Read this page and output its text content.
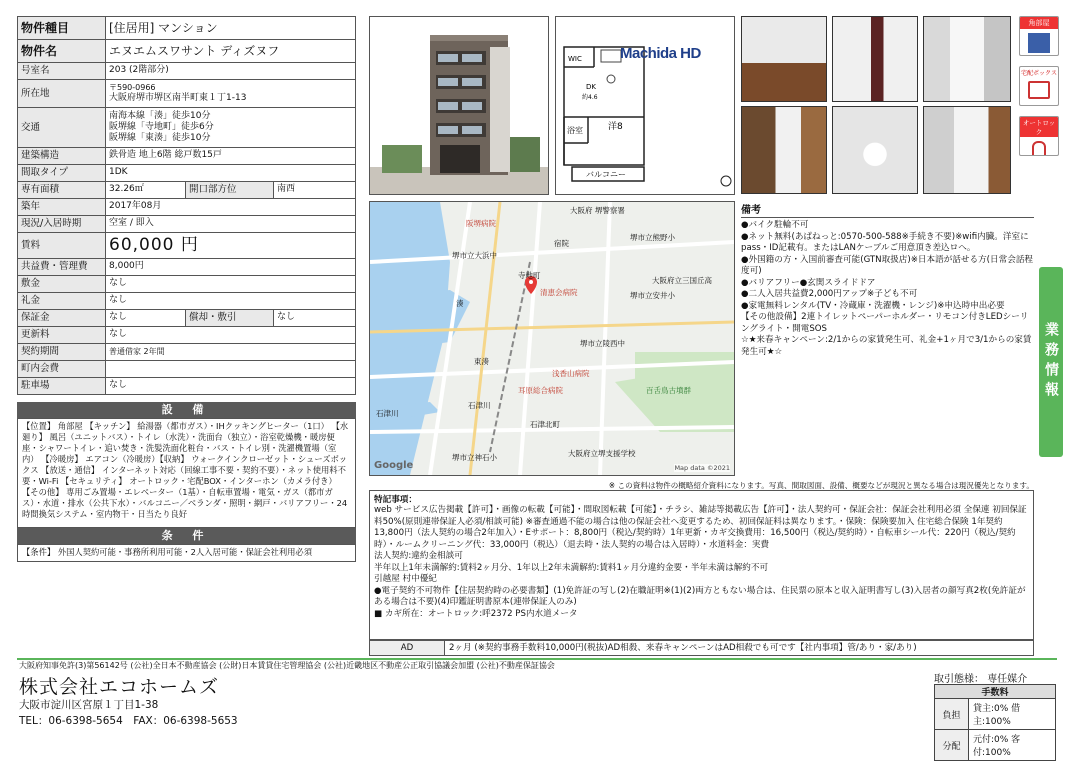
物件種目	[住居用] マンション		
物件名	エヌエムスワサント ディズヌフ		
号室名	203 (2階部分)		
所在地	〒590-0966
大阪府堺市堺区南半町東１丁1-13		

交通	南海本線「湊」徒歩10分
阪堺線「寺地町」徒歩6分
阪堺線「東湊」徒歩10分		

建築構造	鉄骨造 地上6階 総戸数15戸		
間取タイプ	1DK		
専有面積	32.26㎡	開口部方位	南西
築年	2017年08月		
現況/入居時期	空室 / 即入		
賃料	60,000 円		
共益費・管理費	8,000円		
敷金	なし		
礼金	なし		
保証金	なし	償却・敷引	なし
更新料	なし		
契約期間	普通借家 2年間		
町内会費			
駐車場	なし		
設 備
【位置】 角部屋 【キッチン】 給湯器（都市ガス）・IHクッキングヒーター（1口） 【水廻り】 風呂（ユニットバス）・トイレ（水洗）・洗面台（独立）・浴室乾燥機・暖房便座・シャワートイレ・追い焚き・洗髪洗面化粧台・バス・トイレ別・洗濯機置場（室内） 【冷暖房】 エアコン（冷暖房）【収納】 ウォークインクローゼット・シューズボックス 【放送・通信】 インターネット対応（回線工事不要・契約不要）・ネット使用料不要・Wi-Fi 【セキュリティ】 オートロック・宅配BOX・インターホン（カメラ付き） 【その他】 専用ごみ置場・エレベーター（1基）・自転車置場・電気・ガス（都市ガス）・水道・排水（公共下水）・バルコニー／ベランダ・照明・網戸・バリアフリー・24時間換気システム・室内物干・日当たり良好
条 件
【条件】 外国人契約可能・事務所利用可能・2人入居可能・保証会社利用必須
WIC
DK
約4.6
浴室	洋8
バルコニー
Machida HD
角部屋
宅配ボックス
オートロック
業務情報
大阪府 堺警察署
堺市立大浜中
堺市立熊野小
宿院
寺地町
大阪府立三国丘高
清恵会病院	堺市立安井小
湊
東湊
堺市立陵西中
耳原総合病院
石津川
石津北町
百舌鳥古墳群
石津川
堺市立神石小	大阪府立堺支援学校
阪堺病院
浅香山病院
Google	Map data ©2021
備考
●バイク駐輪不可
●ネット無料(あぱねっと:0570-500-588※手続き不要)※wifi内臓。洋室にpass・ID記載有。またはLANケーブルご用意頂き差込ロへ。
●外国籍の方・入国前審査可能(GTN取扱店)※日本語が話せる方(日常会話程度可)
●バリアフリー●玄関スライドドア
●二人入居共益費2,000円アップ※子ども不可
●家電無料レンタル(TV・冷蔵庫・洗濯機・レンジ)※申込時申出必要
【その他設備】2連トイレットペーパーホルダー・リモコン付きLEDシーリングライト・開電SOS
☆★来春キャンペーン:2/1からの家賃発生可、礼金+1ヶ月で3/1からの家賃発生可★☆
※ この資料は物件の概略紹介資料になります。写真、間取図面、設備、概要などが現況と異なる場合は現況優先となります。
特記事項：
web サービス広告掲載【許可】・画像の転載【可能】・間取図転載【可能】・チラシ、雑誌等掲載広告【許可】・法人契約可・保証会社：保証会社利用必須 全保連 初回保証料50%(原則連帯保証人必須/相談可能) ※審査通過不能の場合は他の保証会社へ変更するため、初回保証料は異なります。・保険：保険要加入 住宅総合保険 1年契約 13,800円（法人契約の場合2年加入）・Eサポート：8,800円（税込/契約時）1年更新・カギ交換費用：16,500円（税込/契約時）・自転車シール代：220円（税込/契約時）・ルームクリーニング代：33,000円（税込）（退去時・法人契約の場合は入居時）・水道料金：実費
法人契約:違約金相談可
半年以上1年未満解約:賃料2ヶ月分、1年以上2年未満解約:賃料1ヶ月分違約金要・半年未満は解約不可
引越屋 村中優紀
●電子契約不可物件【住居契約時の必要書類】(1)免許証の写し(2)在職証明※(1)(2)両方ともない場合は、住民票の原本と収入証明書写し(3)入居者の顔写真2枚(免許証がある場合は不要)(4)印鑑証明書原本(連帯保証人のみ)
■ カギ所在：オートロック:呼2372 PS内水道メータ
AD	2ヶ月 (※契約事務手数料10,000円(税抜)AD相殺、来春キャンペーンはAD相殺でも可です【社内事項】管/あり・家/あり)
大阪府知事免許(3)第56142号 (公社)全日本不動産協会 (公財)日本賃貸住宅管理協会 (公社)近畿地区不動産公正取引協議会加盟 (公社)不動産保証協会
株式会社エコホームズ
大阪市淀川区宮原１丁目1-38
TEL：06-6398-5654　FAX：06-6398-5653
取引態様： 専任媒介
手数料	
負担	貸主:0% 借主:100%
分配	元付:0% 客付:100%
